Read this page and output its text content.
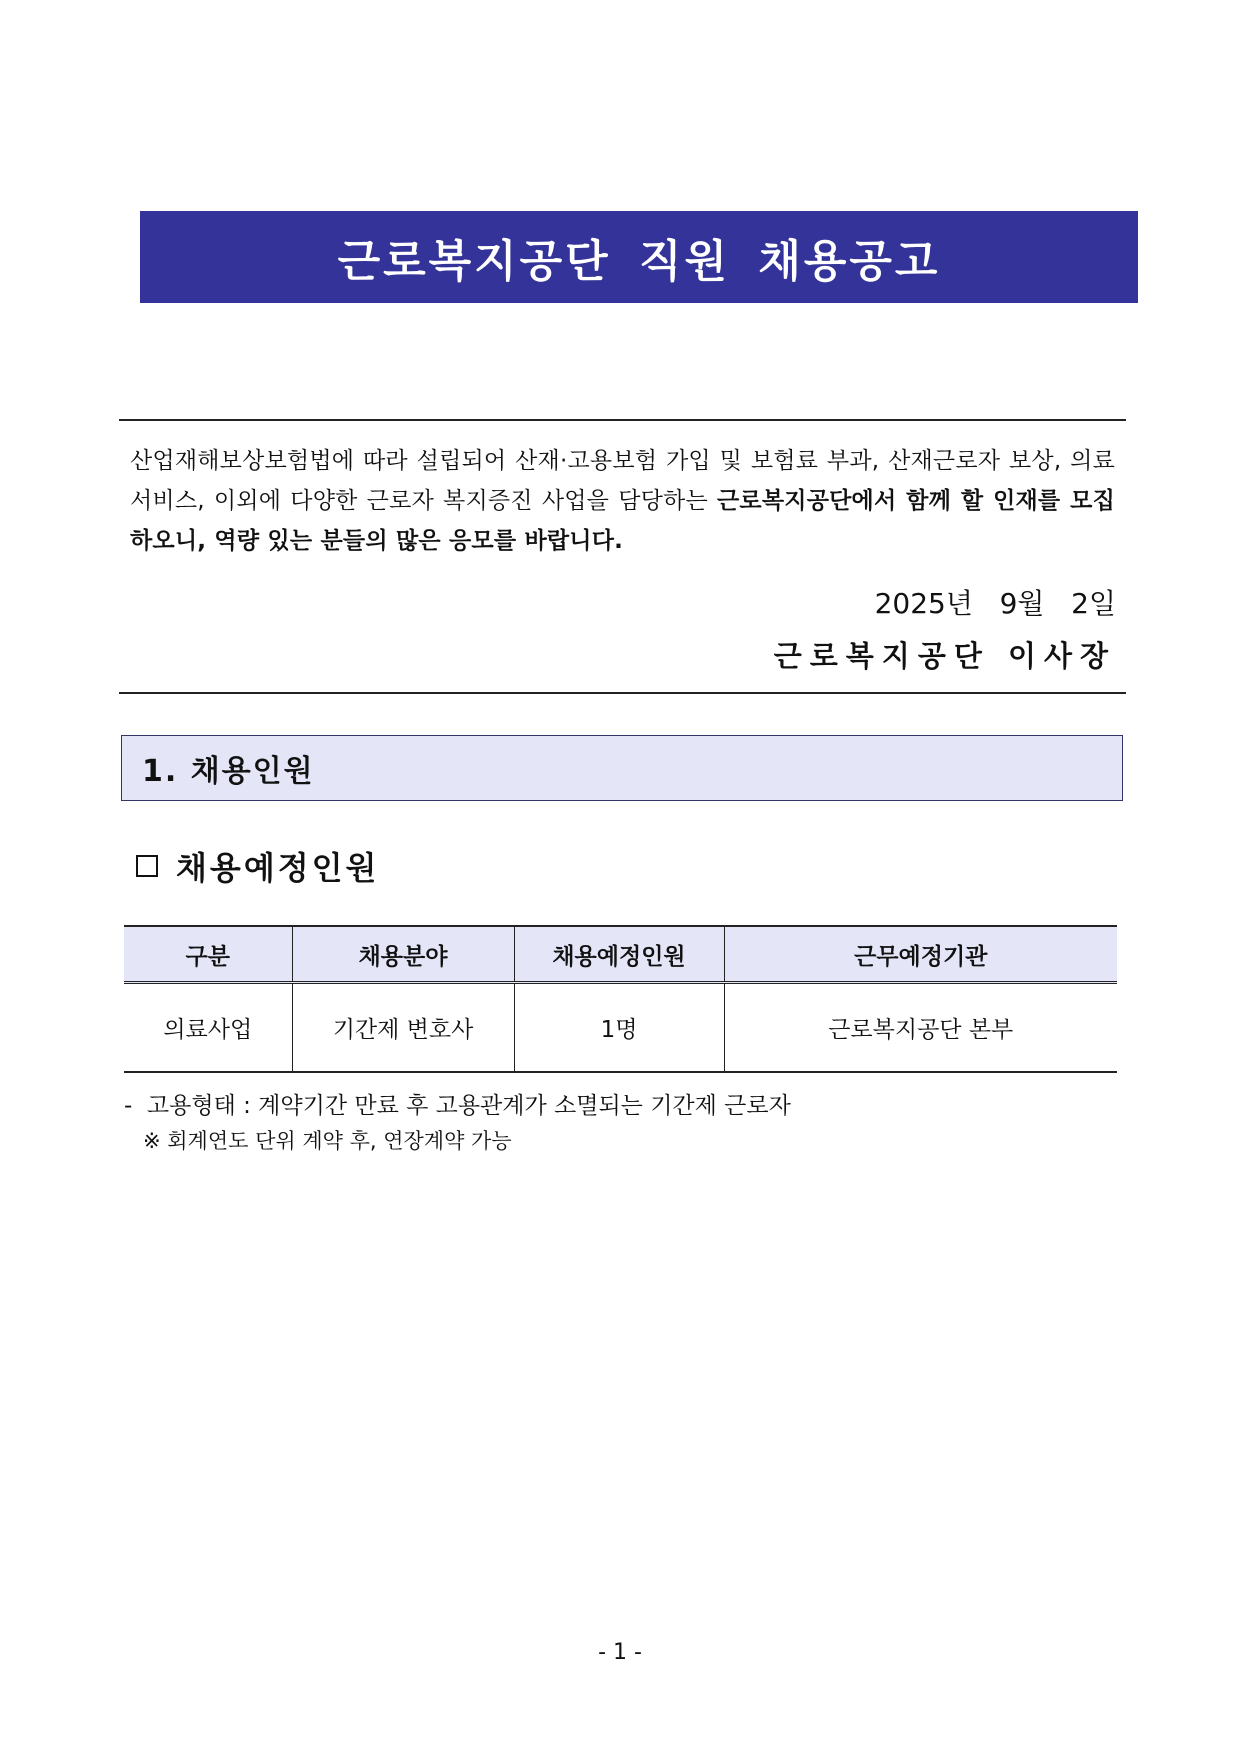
근로복지공단 직원 채용공고
산업재해보상보험법에 따라 설립되어 산재·고용보험 가입 및 보험료 부과, 산재근로자 보상, 의료서비스, 이외에 다양한 근로자 복지증진 사업을 담당하는 근로복지공단에서 함께 할 인재를 모집하오니, 역량 있는 분들의 많은 응모를 바랍니다.
2025년   9월   2일
근로복지공단 이사장
1. 채용인원
채용예정인원
구분	채용분야	채용예정인원	근무예정기관
의료사업	기간제 변호사	1명	근로복지공단 본부
-  고용형태 : 계약기간 만료 후 고용관계가 소멸되는 기간제 근로자
※ 회계연도 단위 계약 후, 연장계약 가능
- 1 -
